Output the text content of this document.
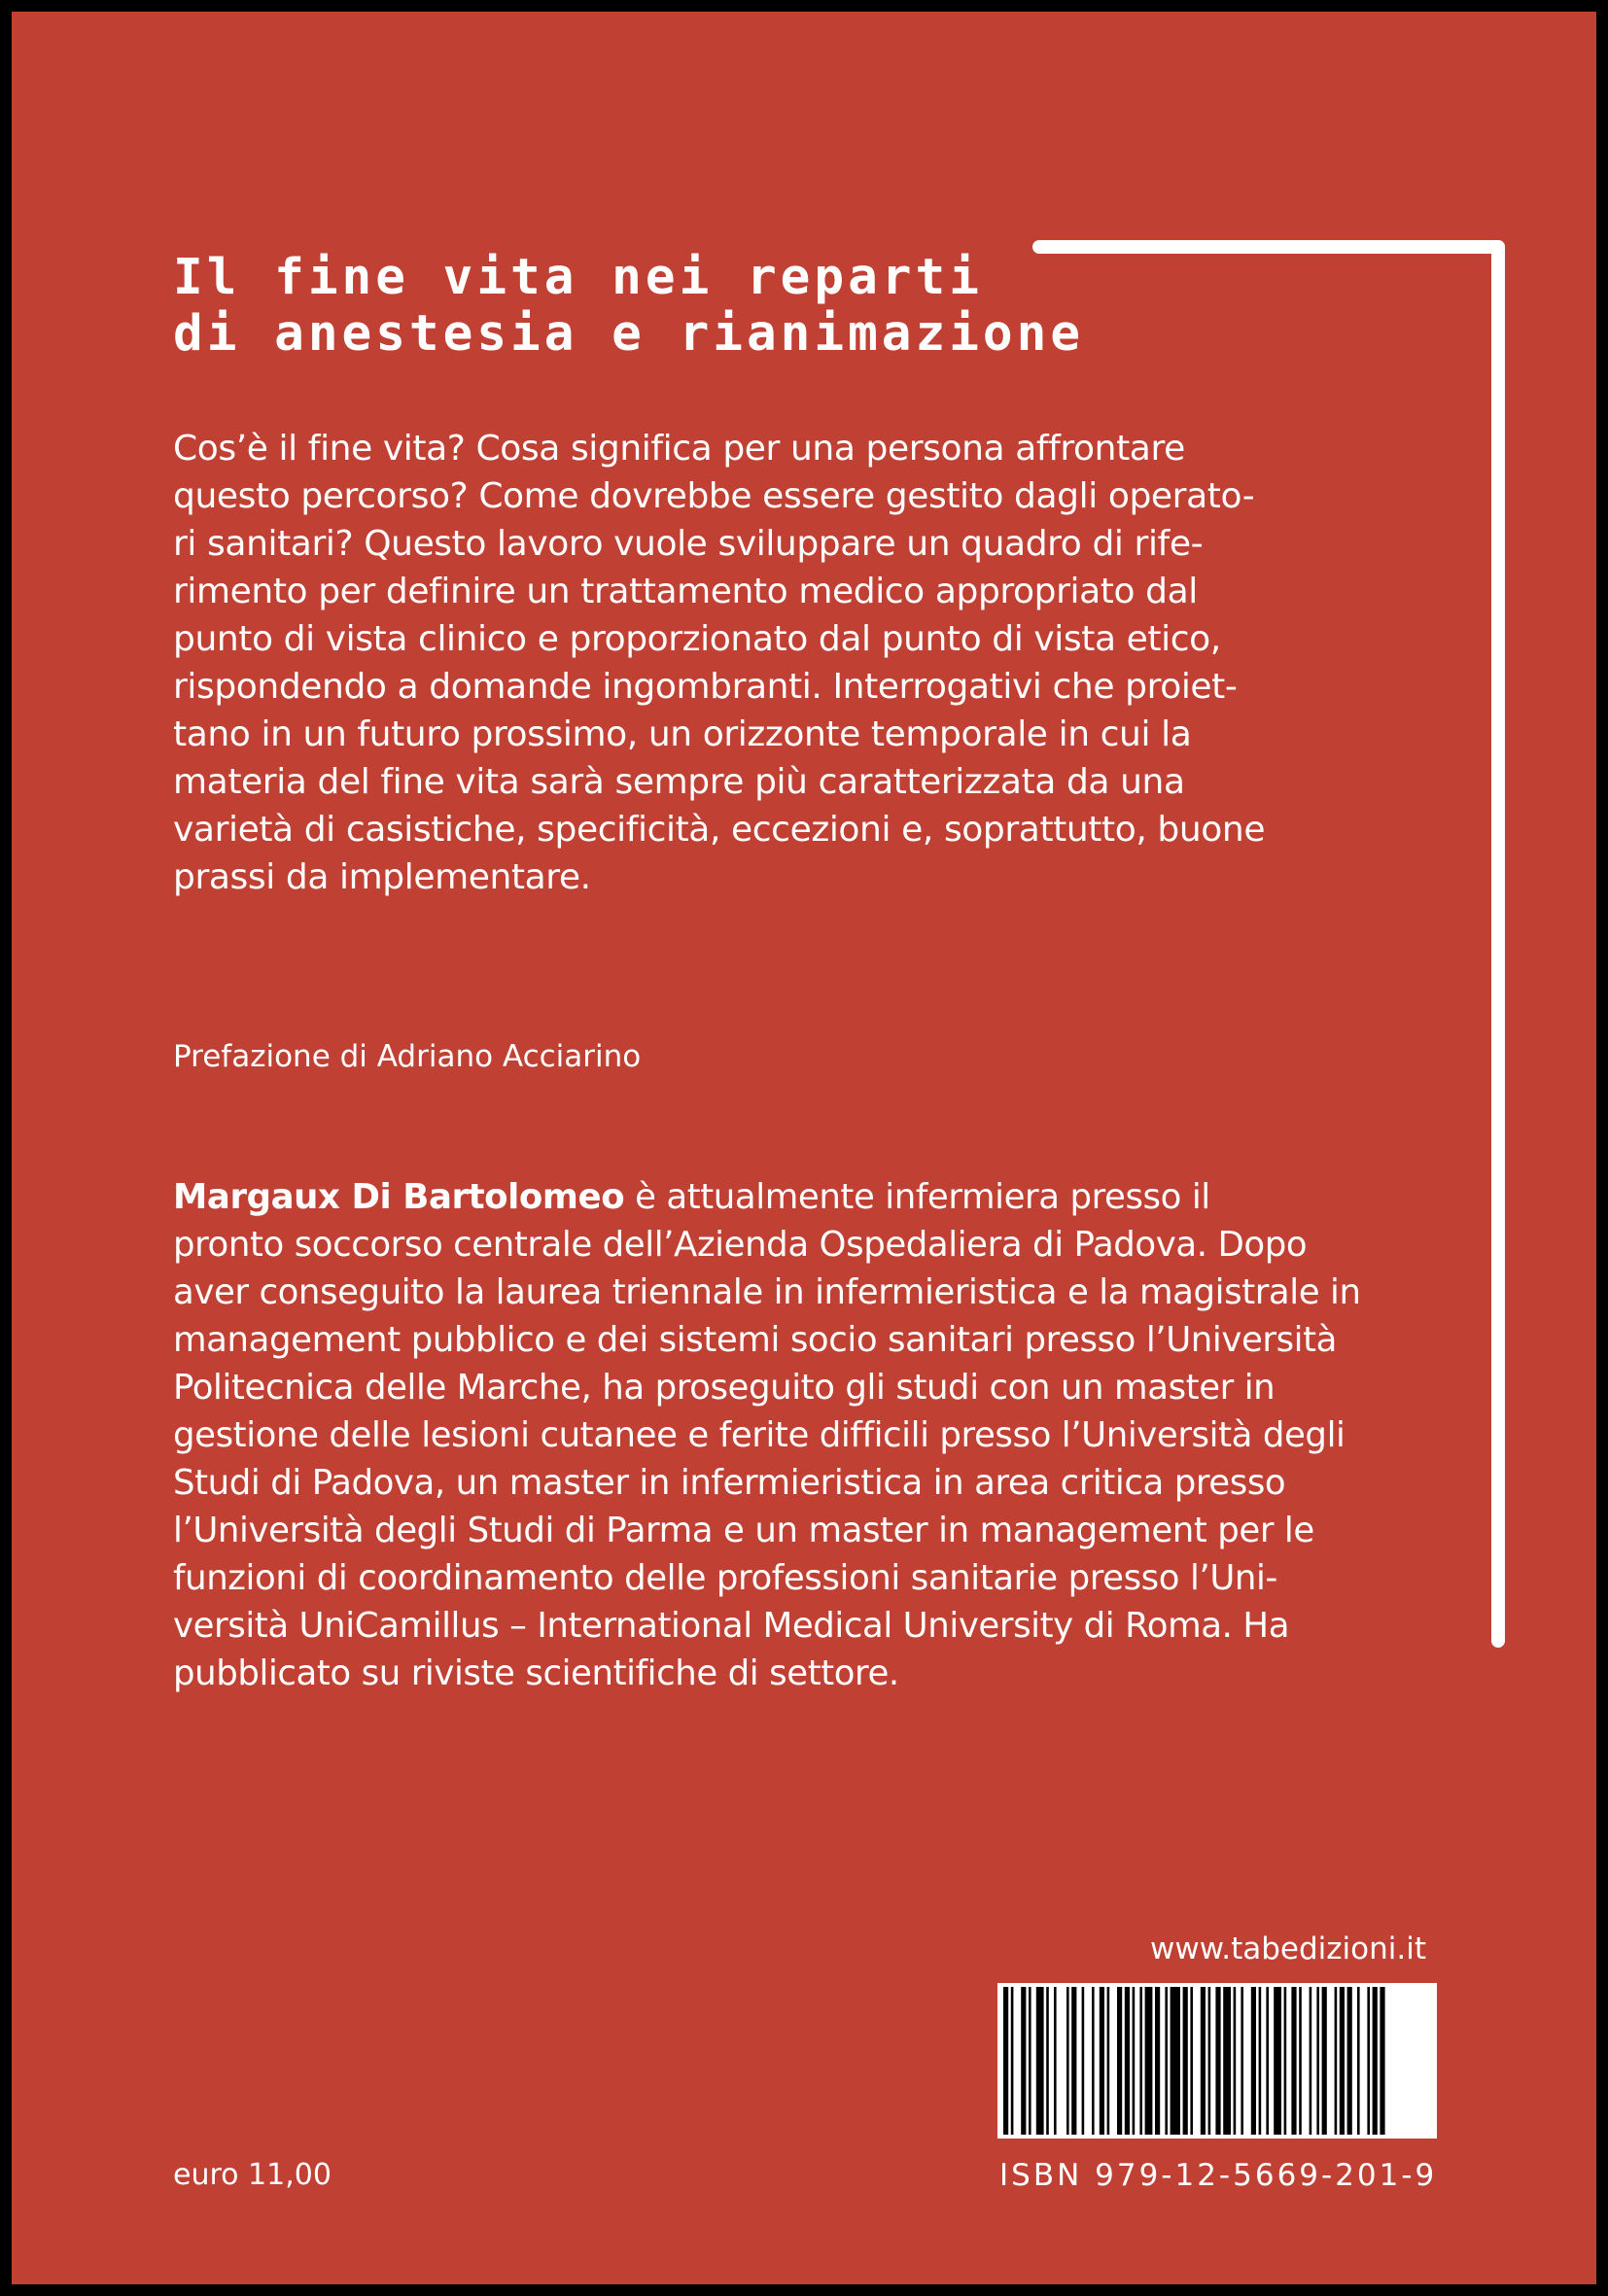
Il fine vita nei reparti
di anestesia e rianimazione
Cos’è il fine vita? Cosa significa per una persona affrontare
questo percorso? Come dovrebbe essere gestito dagli operato-
ri sanitari? Questo lavoro vuole sviluppare un quadro di rife-
rimento per definire un trattamento medico appropriato dal
punto di vista clinico e proporzionato dal punto di vista etico,
rispondendo a domande ingombranti. Interrogativi che proiet-
tano in un futuro prossimo, un orizzonte temporale in cui la
materia del fine vita sarà sempre più caratterizzata da una
varietà di casistiche, specificità, eccezioni e, soprattutto, buone
prassi da implementare.
Prefazione di Adriano Acciarino
Margaux Di Bartolomeo è attualmente infermiera presso il
pronto soccorso centrale dell’Azienda Ospedaliera di Padova. Dopo
aver conseguito la laurea triennale in infermieristica e la magistrale in
management pubblico e dei sistemi socio sanitari presso l’Università
Politecnica delle Marche, ha proseguito gli studi con un master in
gestione delle lesioni cutanee e ferite difficili presso l’Università degli
Studi di Padova, un master in infermieristica in area critica presso
l’Università degli Studi di Parma e un master in management per le
funzioni di coordinamento delle professioni sanitarie presso l’Uni-
versità UniCamillus – International Medical University di Roma. Ha
pubblicato su riviste scientifiche di settore.
www.tabedizioni.it
ISBN 979-12-5669-201-9
euro 11,00
